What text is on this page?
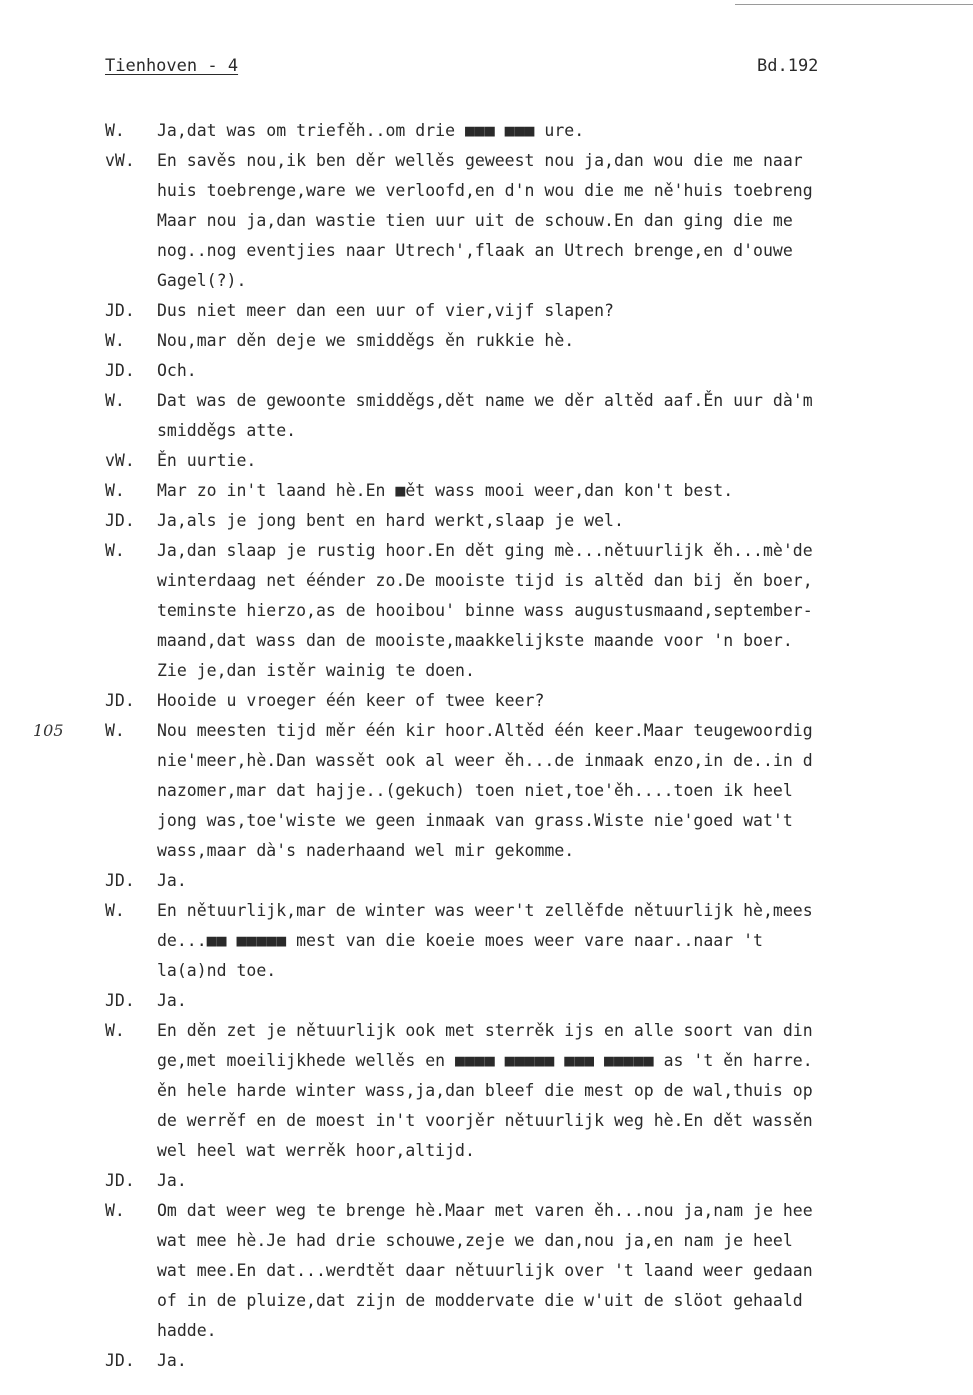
Tienhoven - 4	Bd.192
105
W. Ja,dat was om triefěh..om drie ■■■ ■■■ ure.
vW. En savěs nou,ik ben děr wellěs geweest nou ja,dan wou die me naar
huis toebrenge,ware we verloofd,en d'n wou die me ně'huis toebreng
Maar nou ja,dan wastie tien uur uit de schouw.En dan ging die me
nog..nog eventjies naar Utrech',flaak an Utrech brenge,en d'ouwe
Gagel(?).
JD. Dus niet meer dan een uur of vier,vijf slapen?
W. Nou,mar děn deje we smidděgs ěn rukkie hè.
JD. Och.
W. Dat was de gewoonte smidděgs,dět name we děr altěd aaf.Ěn uur dà'm
smidděgs atte.
vW. Ěn uurtie.
W. Mar zo in't laand hè.En ■ět wass mooi weer,dan kon't best.
JD. Ja,als je jong bent en hard werkt,slaap je wel.
W. Ja,dan slaap je rustig hoor.En dět ging mè...nětuurlijk ěh...mè'de
winterdaag net éénder zo.De mooiste tijd is altěd dan bij ěn boer,
teminste hierzo,as de hooibou' binne wass augustusmaand,september-
maand,dat wass dan de mooiste,maakkelijkste maande voor 'n boer.
Zie je,dan istěr wainig te doen.
JD. Hooide u vroeger één keer of twee keer?
W. Nou meesten tijd měr één kir hoor.Altěd één keer.Maar teugewoordig
nie'meer,hè.Dan wassět ook al weer ěh...de inmaak enzo,in de..in d
nazomer,mar dat hajje..(gekuch) toen niet,toe'ěh....toen ik heel
jong was,toe'wiste we geen inmaak van grass.Wiste nie'goed wat't
wass,maar dà's naderhaand wel mir gekomme.
JD. Ja.
W. En nětuurlijk,mar de winter was weer't zellěfde nětuurlijk hè,mees
de...■■ ■■■■■ mest van die koeie moes weer vare naar..naar 't
la(a)nd toe.
JD. Ja.
W. En děn zet je nětuurlijk ook met sterrěk ijs en alle soort van din
ge,met moeilijkhede wellěs en ■■■■ ■■■■■ ■■■ ■■■■■ as 't ěn harre.
ěn hele harde winter wass,ja,dan bleef die mest op de wal,thuis op
de werrěf en de moest in't voorjěr nětuurlijk weg hè.En dět wassěn
wel heel wat werrěk hoor,altijd.
JD. Ja.
W. Om dat weer weg te brenge hè.Maar met varen ěh...nou ja,nam je hee
wat mee hè.Je had drie schouwe,zeje we dan,nou ja,en nam je heel
wat mee.En dat...werdtět daar nětuurlijk over 't laand weer gedaan
of in de pluize,dat zijn de moddervate die w'uit de slöot gehaald
hadde.
JD. Ja.
